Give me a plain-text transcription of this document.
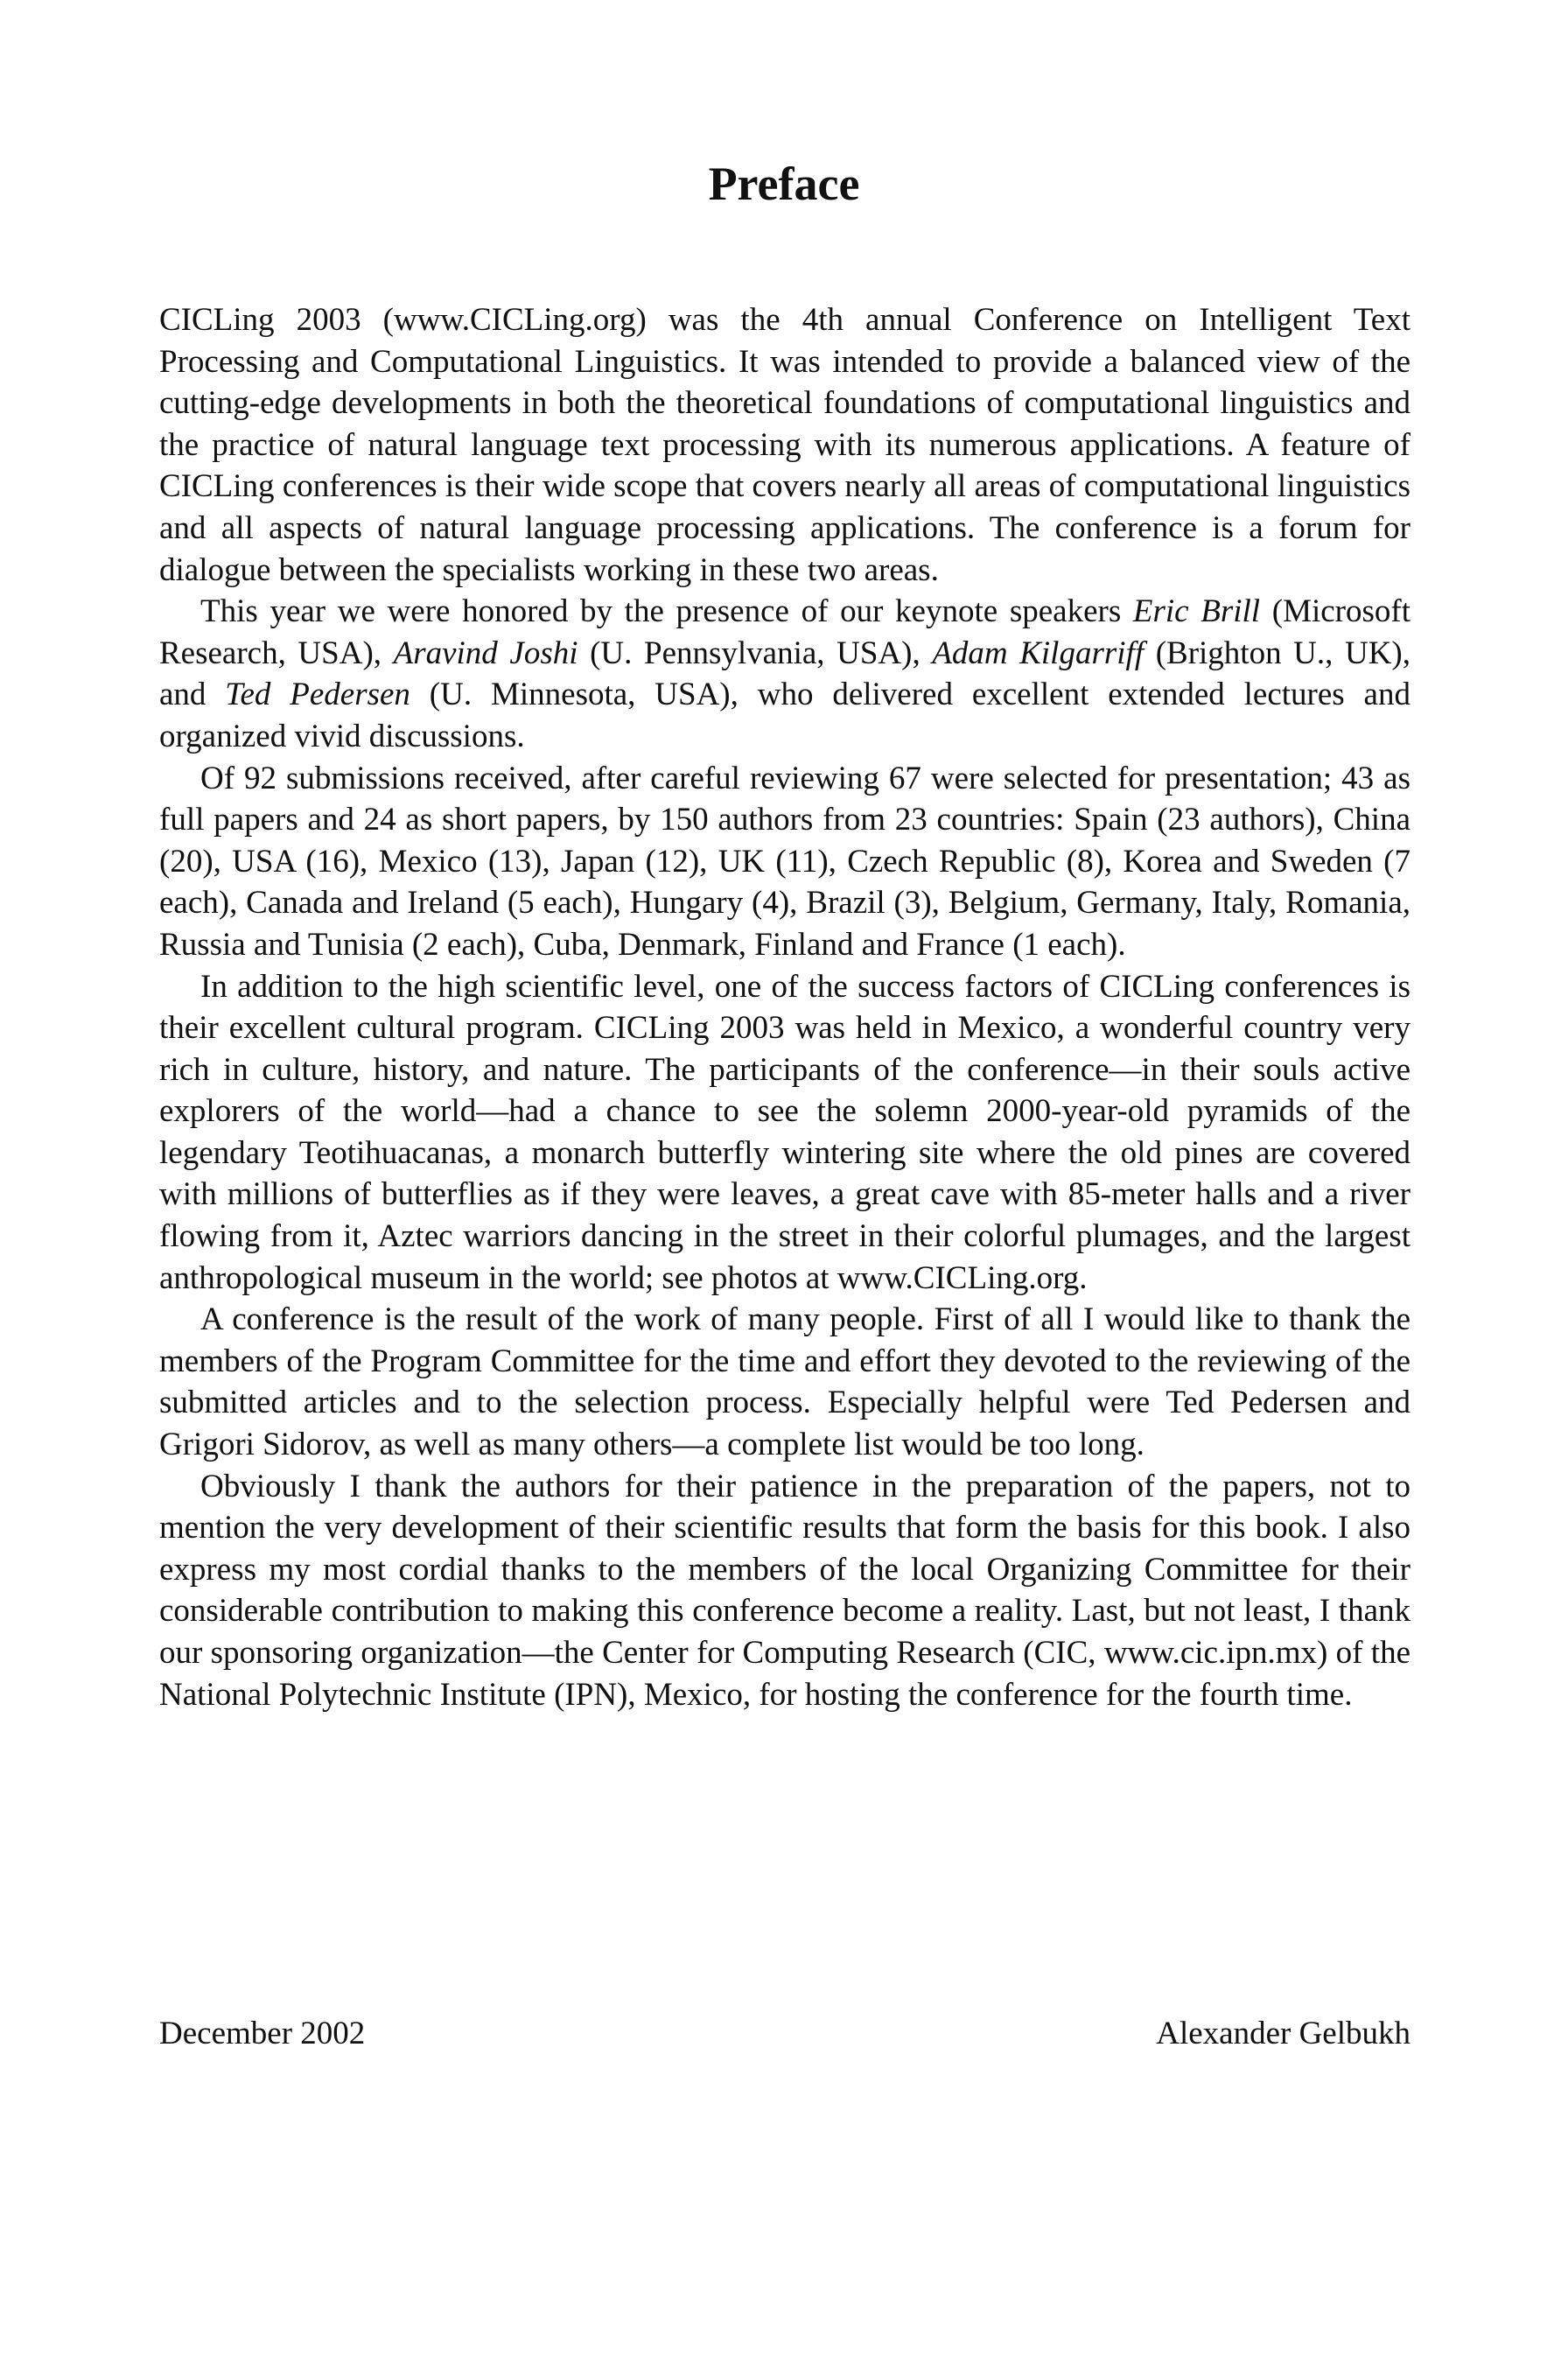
Preface

CICLing 2003 (www.CICLing.org) was the 4th annual Conference on Intelligent Text Processing and Computational Linguistics. It was intended to provide a balanced view of the cutting-edge developments in both the theoretical foundations of computational linguistics and the practice of natural language text processing with its numerous applications. A feature of CICLing conferences is their wide scope that covers nearly all areas of computational linguistics and all aspects of natural language processing applications. The conference is a forum for dialogue between the specialists working in these two areas.

This year we were honored by the presence of our keynote speakers Eric Brill (Microsoft Research, USA), Aravind Joshi (U. Pennsylvania, USA), Adam Kilgarriff (Brighton U., UK), and Ted Pedersen (U. Minnesota, USA), who delivered excellent extended lectures and organized vivid discussions.

Of 92 submissions received, after careful reviewing 67 were selected for presentation; 43 as full papers and 24 as short papers, by 150 authors from 23 countries: Spain (23 authors), China (20), USA (16), Mexico (13), Japan (12), UK (11), Czech Republic (8), Korea and Sweden (7 each), Canada and Ireland (5 each), Hungary (4), Brazil (3), Belgium, Germany, Italy, Romania, Russia and Tunisia (2 each), Cuba, Denmark, Finland and France (1 each).

In addition to the high scientific level, one of the success factors of CICLing conferences is their excellent cultural program. CICLing 2003 was held in Mexico, a wonderful country very rich in culture, history, and nature. The participants of the conference—in their souls active explorers of the world—had a chance to see the solemn 2000-year-old pyramids of the legendary Teotihuacanas, a monarch butterfly wintering site where the old pines are covered with millions of butterflies as if they were leaves, a great cave with 85-meter halls and a river flowing from it, Aztec warriors dancing in the street in their colorful plumages, and the largest anthropological museum in the world; see photos at www.CICLing.org.

A conference is the result of the work of many people. First of all I would like to thank the members of the Program Committee for the time and effort they devoted to the reviewing of the submitted articles and to the selection process. Especially helpful were Ted Pedersen and Grigori Sidorov, as well as many others—a complete list would be too long.

Obviously I thank the authors for their patience in the preparation of the papers, not to mention the very development of their scientific results that form the basis for this book. I also express my most cordial thanks to the members of the local Organizing Committee for their considerable contribution to making this conference become a reality. Last, but not least, I thank our sponsoring organization—the Center for Computing Research (CIC, www.cic.ipn.mx) of the National Polytechnic Institute (IPN), Mexico, for hosting the conference for the fourth time.

December 2002	Alexander Gelbukh
